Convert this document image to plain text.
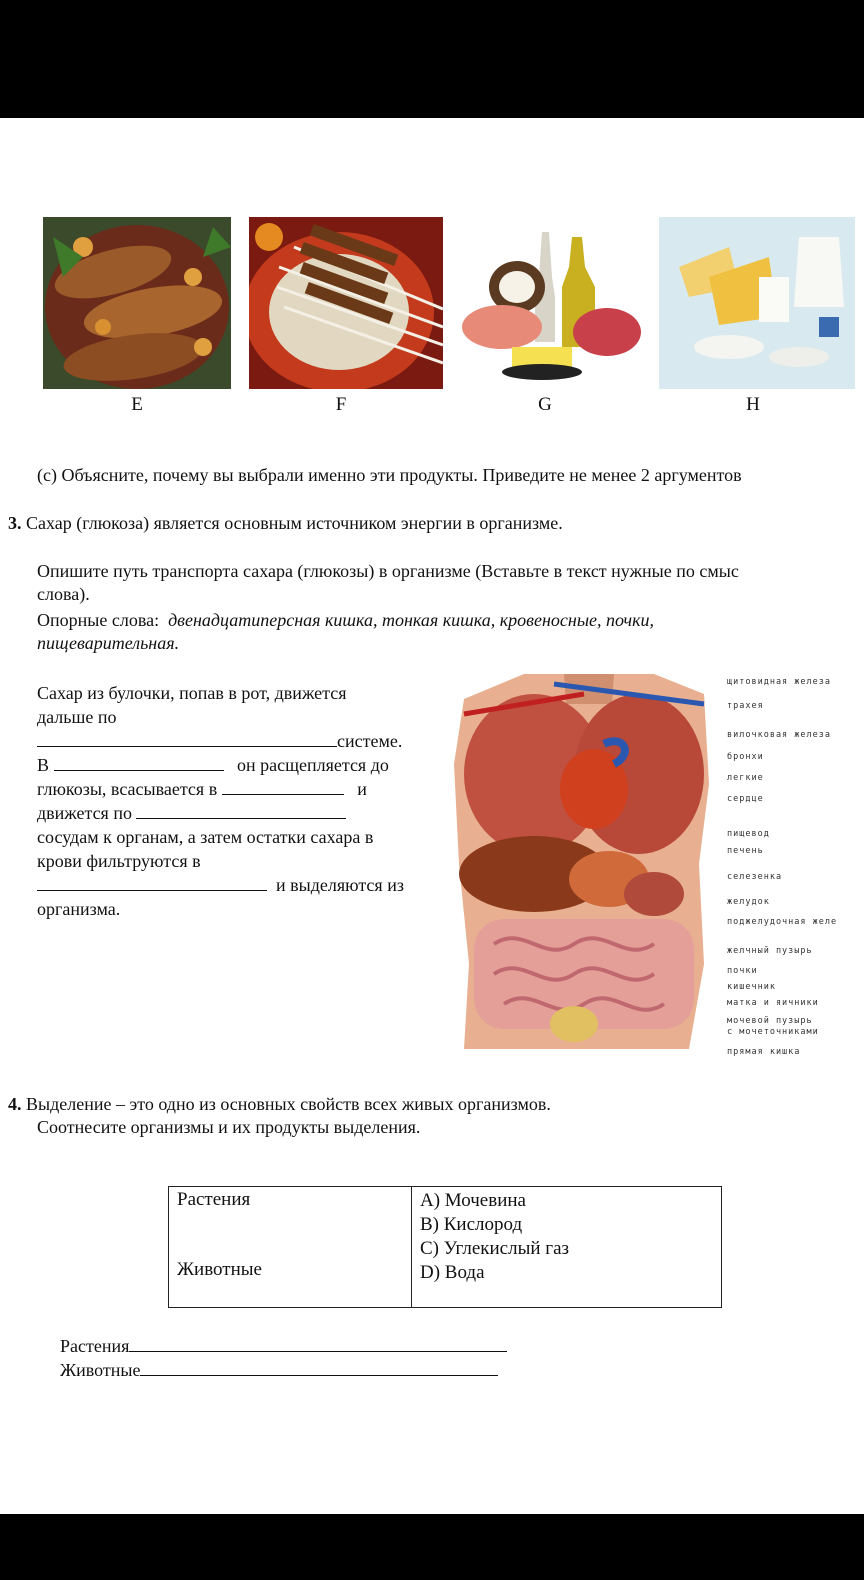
E	F	G	H
(c) Объясните, почему вы выбрали именно эти продукты. Приведите не менее 2 аргументов
3. Сахар (глюкоза) является основным источником энергии в организме.
Опишите путь транспорта сахара (глюкозы) в организме (Вставьте в текст нужные по смыс
слова).
Опорные слова: двенадцатиперсная кишка, тонкая кишка, кровеносные, почки,
пищеварительная.
Сахар из булочки, попав в рот, движется
дальше по
системе.
В	он расщепляется до
глюкозы, всасывается в	и
движется по
сосудам к органам, а затем остатки сахара в
крови фильтруются в
и выделяются из
организма.
щитовидная железа
трахея
вилочковая железа
бронхи
легкие
сердце
пищевод
печень
селезенка
желудок
поджелудочная желе
желчный пузырь
почки
кишечник
матка и яичники
мочевой пузырь
с мочеточниками
прямая кишка
4. Выделение – это одно из основных свойств всех живых организмов.
Соотнесите организмы и их продукты выделения.
Растения
Животные

А) Мочевина
В) Кислород
С) Углекислый газ
D) Вода
Растения
Животные
